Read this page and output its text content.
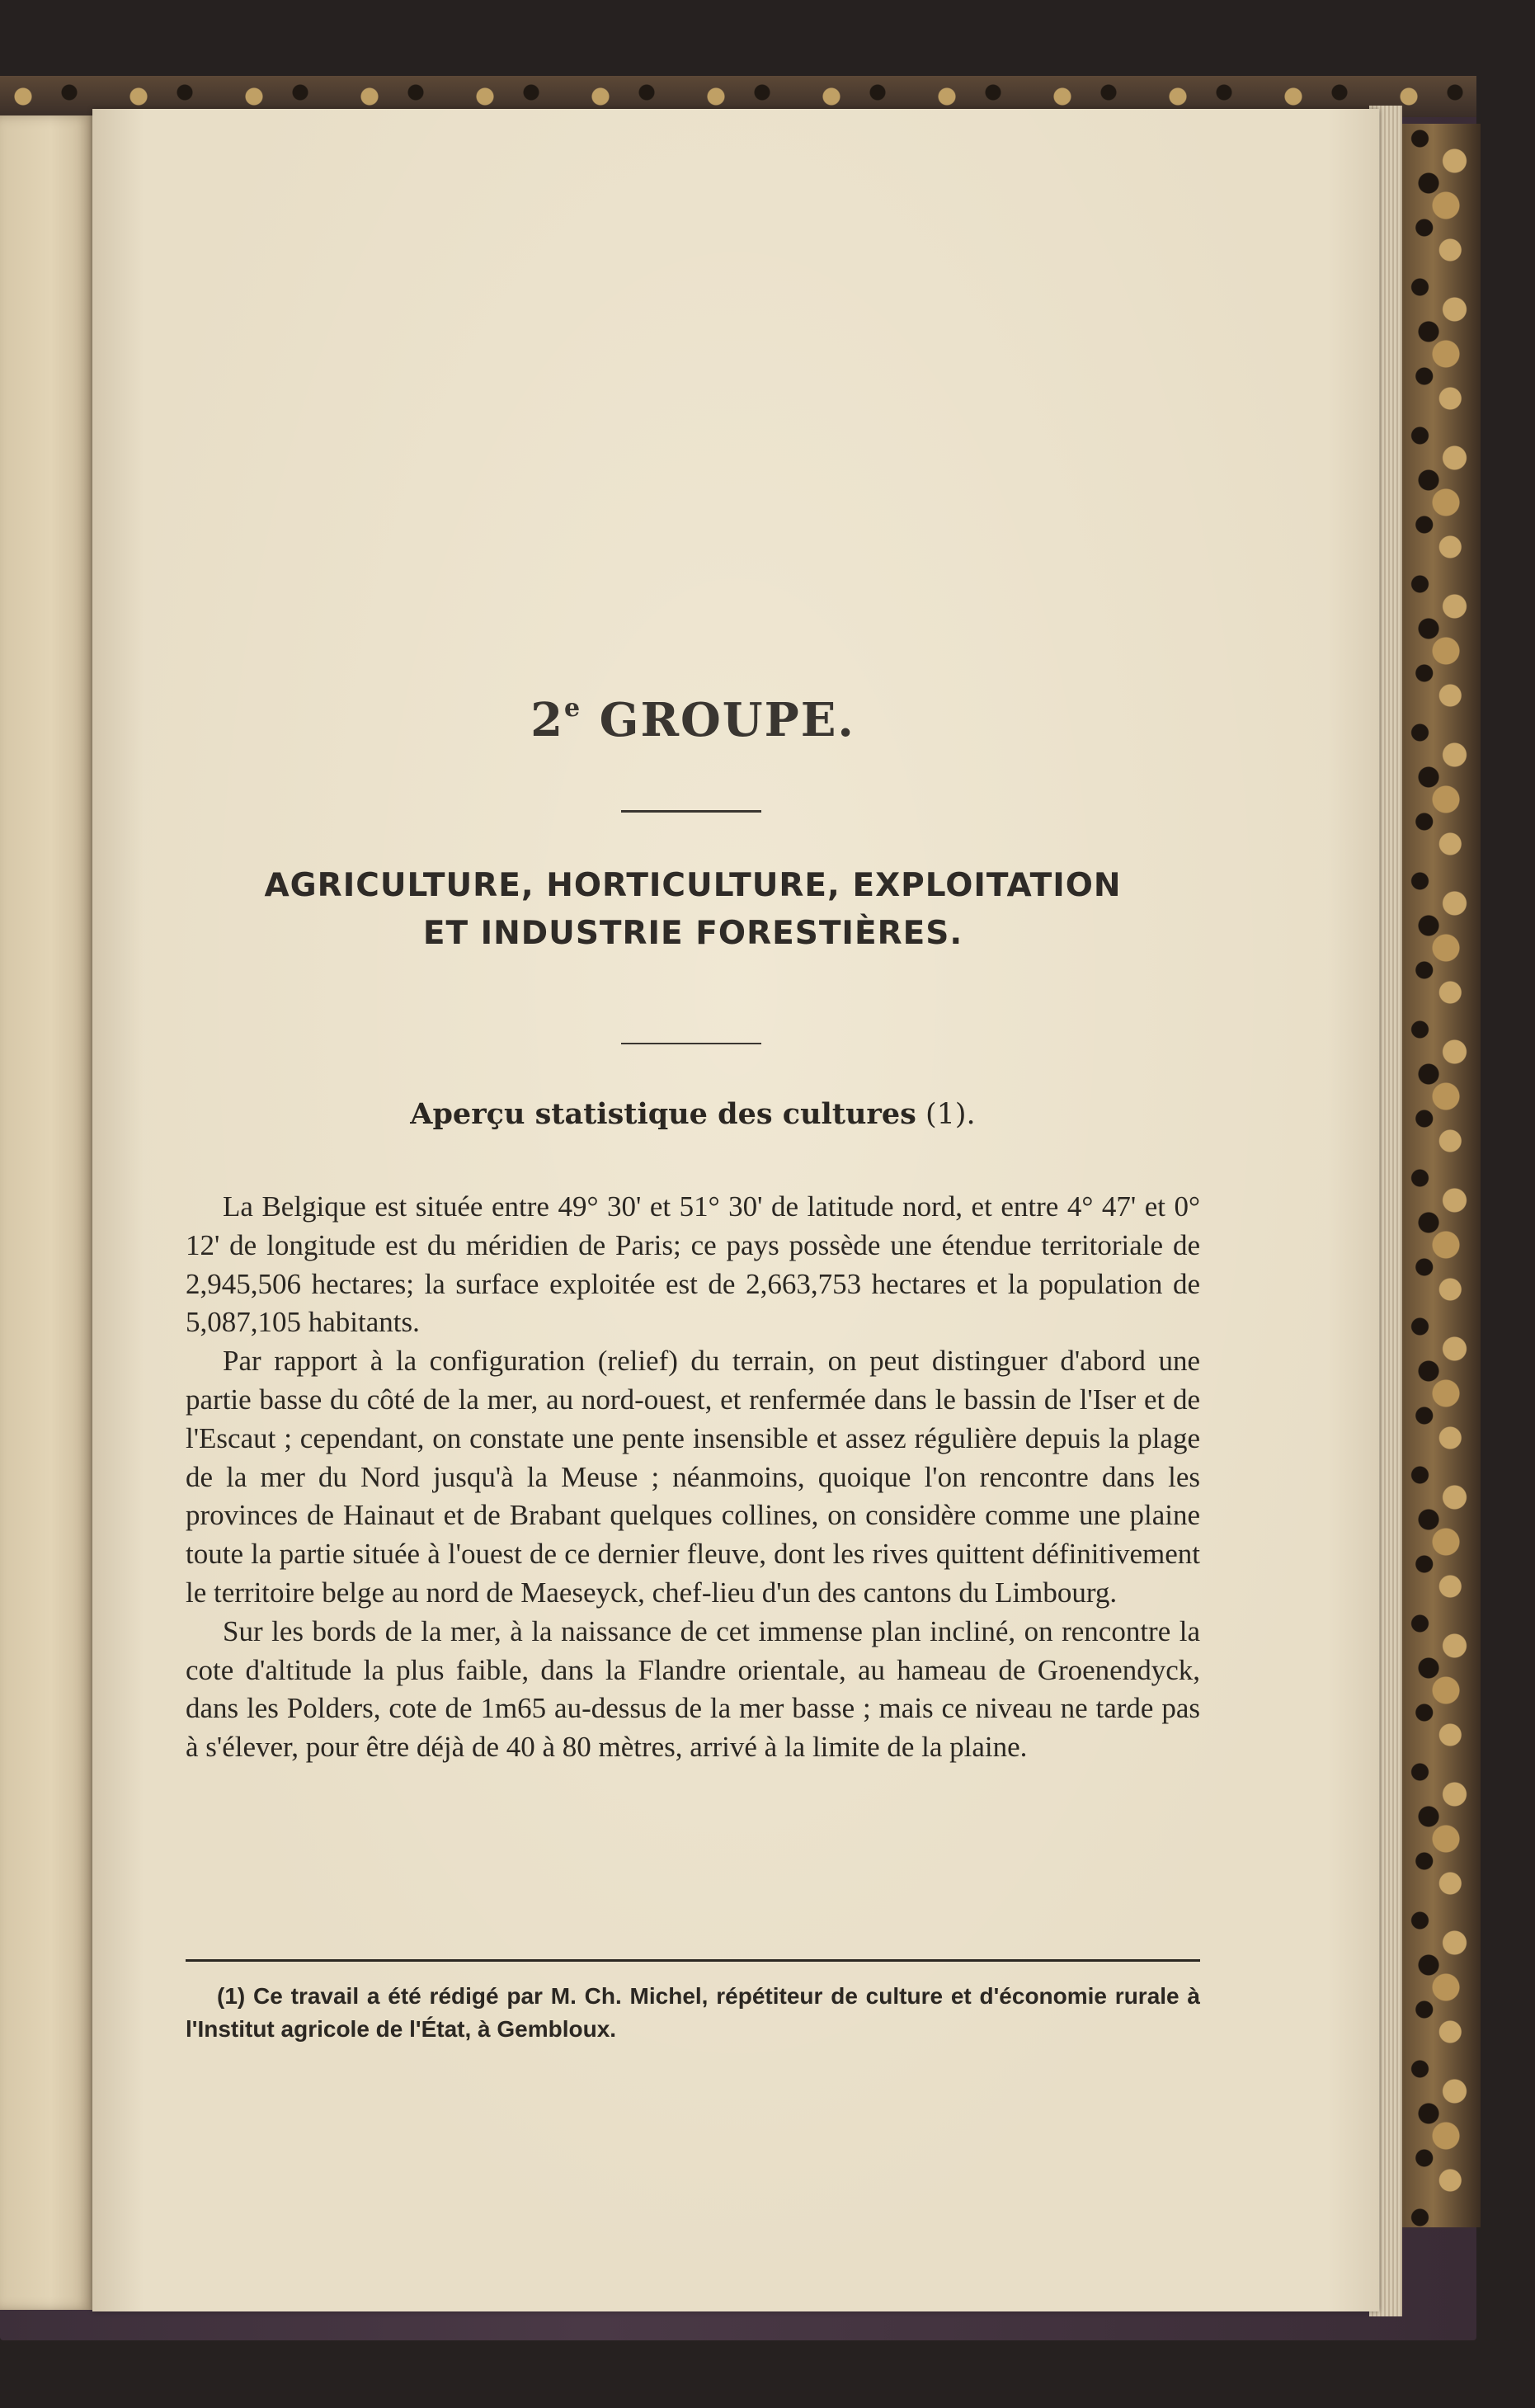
2e GROUPE.
AGRICULTURE, HORTICULTURE, EXPLOITATION
ET INDUSTRIE FORESTIÈRES.
Aperçu statistique des cultures (1).

La Belgique est située entre 49° 30' et 51° 30' de latitude nord, et entre 4° 47' et 0° 12' de longitude est du méridien de Paris; ce pays possède une étendue territoriale de 2,945,506 hectares; la surface exploitée est de 2,663,753 hectares et la population de 5,087,105 habitants.

Par rapport à la configuration (relief) du terrain, on peut distinguer d'abord une partie basse du côté de la mer, au nord-ouest, et renfermée dans le bassin de l'Iser et de l'Escaut ; cependant, on constate une pente insensible et assez régulière depuis la plage de la mer du Nord jusqu'à la Meuse ; néanmoins, quoique l'on rencontre dans les provinces de Hainaut et de Brabant quelques collines, on considère comme une plaine toute la partie située à l'ouest de ce dernier fleuve, dont les rives quittent définitivement le territoire belge au nord de Maeseyck, chef-lieu d'un des cantons du Limbourg.

Sur les bords de la mer, à la naissance de cet immense plan incliné, on rencontre la cote d'altitude la plus faible, dans la Flandre orientale, au hameau de Groenendyck, dans les Polders, cote de 1m65 au-dessus de la mer basse ; mais ce niveau ne tarde pas à s'élever, pour être déjà de 40 à 80 mètres, arrivé à la limite de la plaine.

(1) Ce travail a été rédigé par M. Ch. Michel, répétiteur de culture et d'économie rurale à l'Institut agricole de l'État, à Gembloux.
